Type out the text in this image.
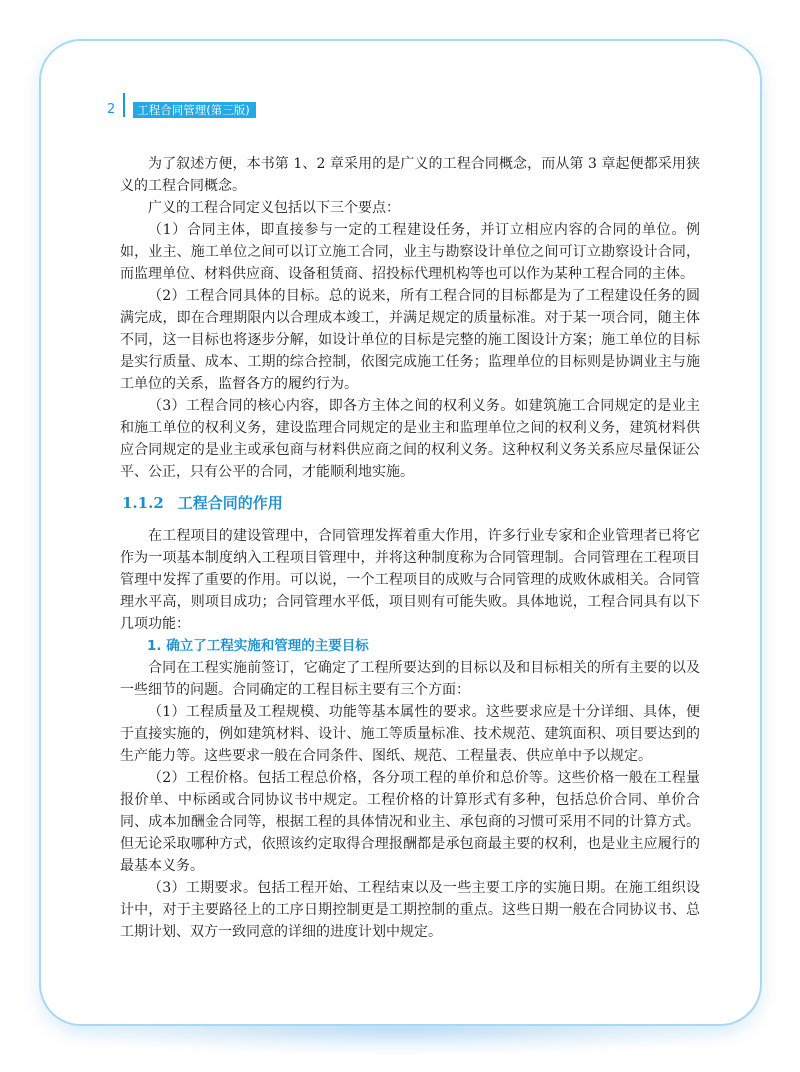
2	工程合同管理(第三版)

为了叙述方便，本书第 1、2 章采用的是广义的工程合同概念，而从第 3 章起便都采用狭义的工程合同概念。

广义的工程合同定义包括以下三个要点：

（1）合同主体，即直接参与一定的工程建设任务，并订立相应内容的合同的单位。例如，业主、施工单位之间可以订立施工合同，业主与勘察设计单位之间可订立勘察设计合同，而监理单位、材料供应商、设备租赁商、招投标代理机构等也可以作为某种工程合同的主体。

（2）工程合同具体的目标。总的说来，所有工程合同的目标都是为了工程建设任务的圆满完成，即在合理期限内以合理成本竣工，并满足规定的质量标准。对于某一项合同，随主体不同，这一目标也将逐步分解，如设计单位的目标是完整的施工图设计方案；施工单位的目标是实行质量、成本、工期的综合控制，依图完成施工任务；监理单位的目标则是协调业主与施工单位的关系，监督各方的履约行为。

（3）工程合同的核心内容，即各方主体之间的权利义务。如建筑施工合同规定的是业主和施工单位的权利义务，建设监理合同规定的是业主和监理单位之间的权利义务，建筑材料供应合同规定的是业主或承包商与材料供应商之间的权利义务。这种权利义务关系应尽量保证公平、公正，只有公平的合同，才能顺利地实施。

1.1.2 工程合同的作用

在工程项目的建设管理中，合同管理发挥着重大作用，许多行业专家和企业管理者已将它作为一项基本制度纳入工程项目管理中，并将这种制度称为合同管理制。合同管理在工程项目管理中发挥了重要的作用。可以说，一个工程项目的成败与合同管理的成败休戚相关。合同管理水平高，则项目成功；合同管理水平低，项目则有可能失败。具体地说，工程合同具有以下几项功能：

1. 确立了工程实施和管理的主要目标

合同在工程实施前签订，它确定了工程所要达到的目标以及和目标相关的所有主要的以及一些细节的问题。合同确定的工程目标主要有三个方面：

（1）工程质量及工程规模、功能等基本属性的要求。这些要求应是十分详细、具体，便于直接实施的，例如建筑材料、设计、施工等质量标准、技术规范、建筑面积、项目要达到的生产能力等。这些要求一般在合同条件、图纸、规范、工程量表、供应单中予以规定。

（2）工程价格。包括工程总价格，各分项工程的单价和总价等。这些价格一般在工程量报价单、中标函或合同协议书中规定。工程价格的计算形式有多种，包括总价合同、单价合同、成本加酬金合同等，根据工程的具体情况和业主、承包商的习惯可采用不同的计算方式。但无论采取哪种方式，依照该约定取得合理报酬都是承包商最主要的权利，也是业主应履行的最基本义务。

（3）工期要求。包括工程开始、工程结束以及一些主要工序的实施日期。在施工组织设计中，对于主要路径上的工序日期控制更是工期控制的重点。这些日期一般在合同协议书、总工期计划、双方一致同意的详细的进度计划中规定。
